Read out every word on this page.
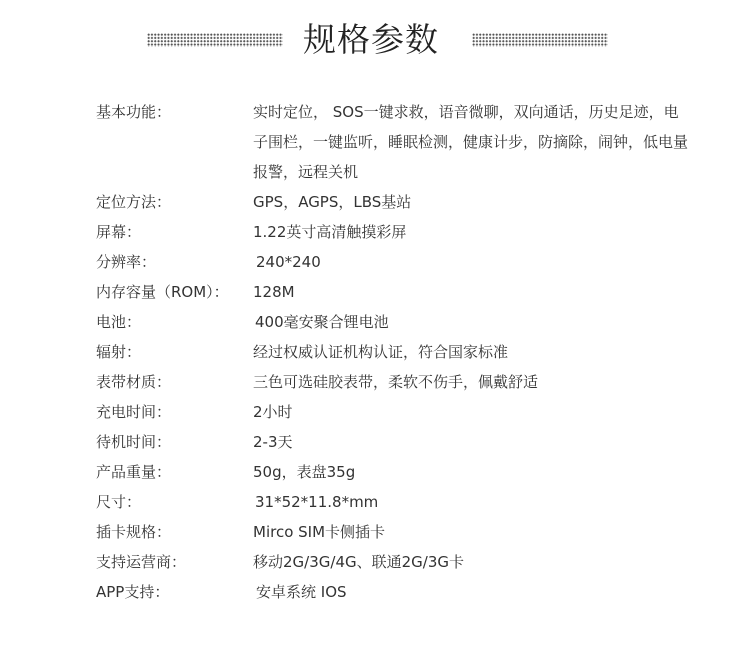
规格参数
基本功能：	实时定位， SOS一键求救，语音微聊，双向通话，历史足迹，电子围栏，一键监听，睡眠检测，健康计步，防摘除，闹钟，低电量报警，远程关机
定位方法：	GPS，AGPS，LBS基站
屏幕：	1.22英寸高清触摸彩屏
分辨率：	240*240
内存容量（ROM）： 128M
电池：	400毫安聚合锂电池
辐射：	经过权威认证机构认证，符合国家标准
表带材质：	三色可选硅胶表带，柔软不伤手，佩戴舒适
充电时间：	2小时
待机时间：	2-3天
产品重量：	50g，表盘35g
尺寸：	31*52*11.8*mm
插卡规格：	Mirco SIM卡侧插卡
支持运营商：	移动2G/3G/4G、联通2G/3G卡
APP支持：	安卓系统 IOS
